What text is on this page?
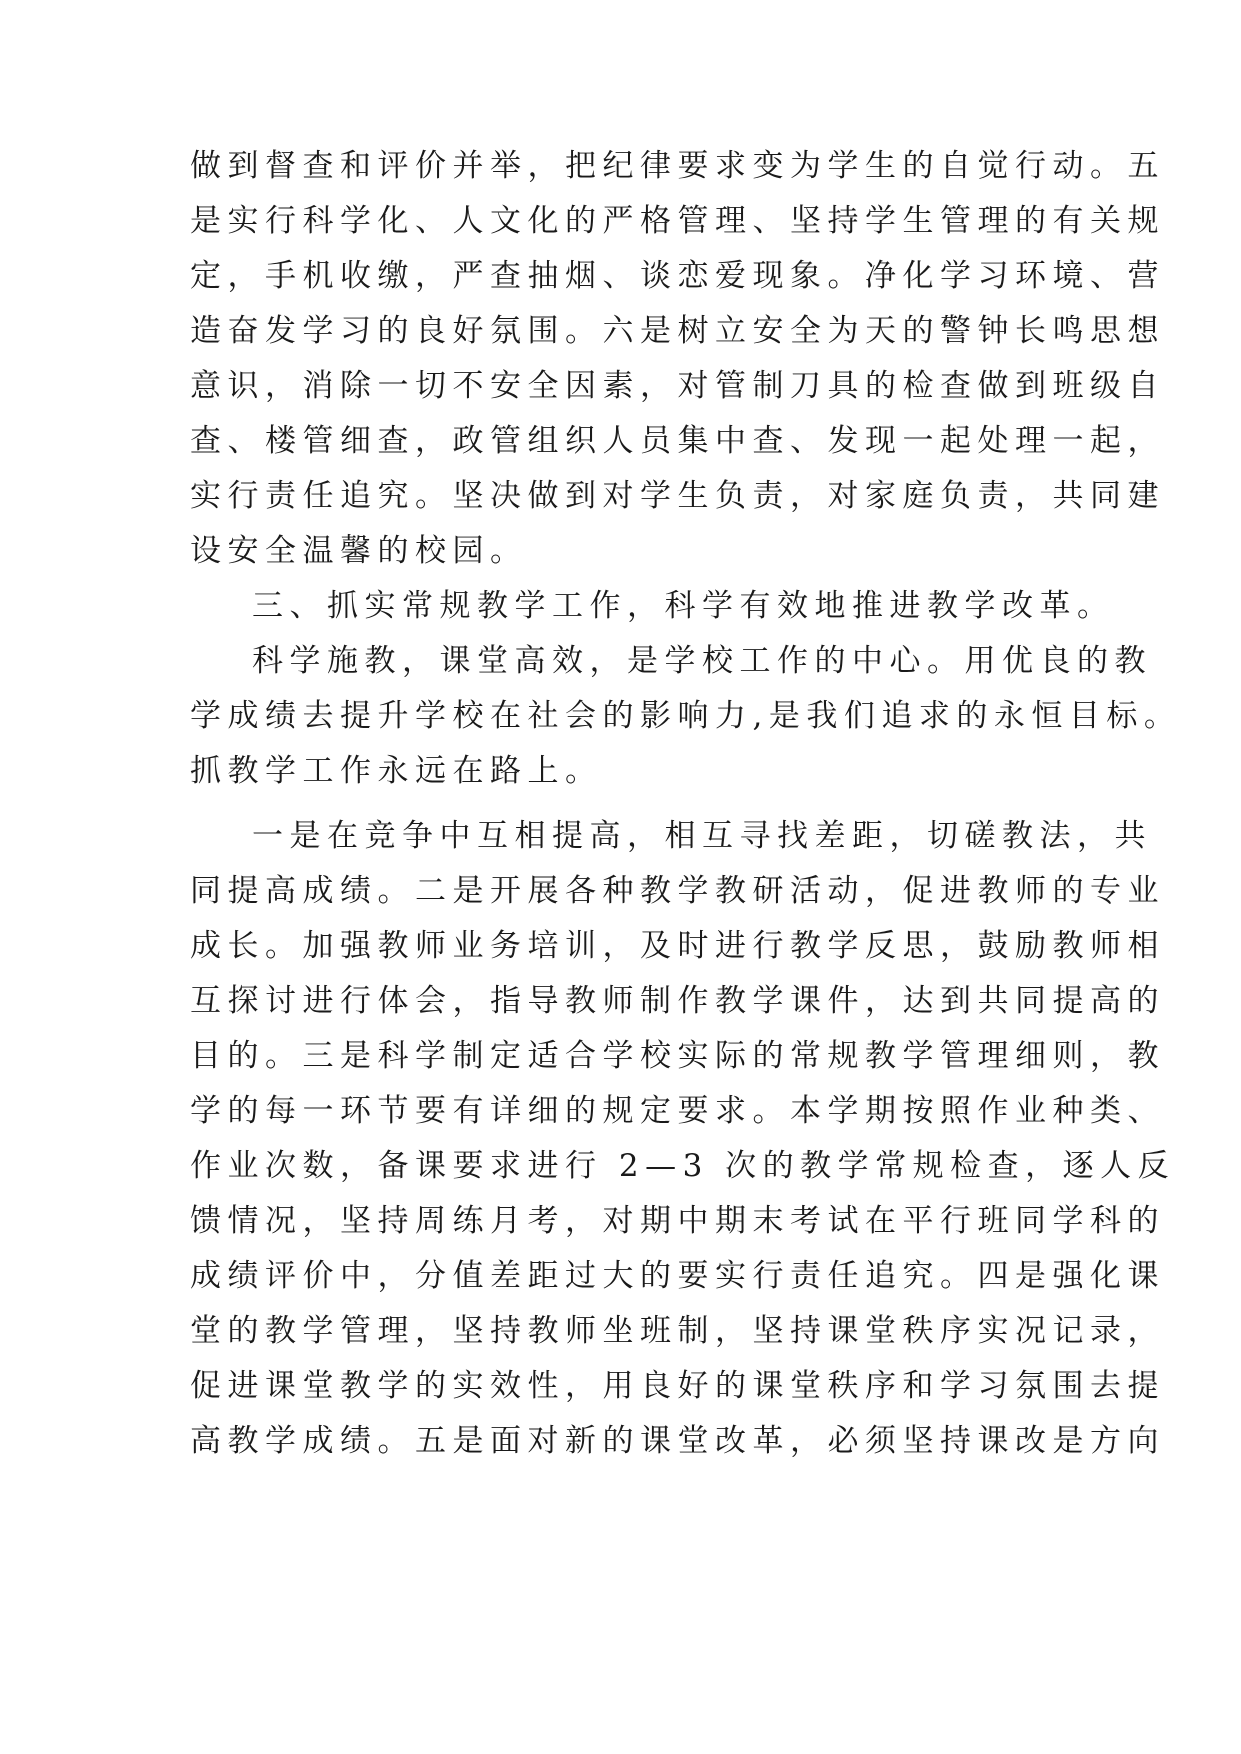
做到督查和评价并举，把纪律要求变为学生的自觉行动。五
是实行科学化、人文化的严格管理、坚持学生管理的有关规
定，手机收缴，严查抽烟、谈恋爱现象。净化学习环境、营
造奋发学习的良好氛围。六是树立安全为天的警钟长鸣思想
意识，消除一切不安全因素，对管制刀具的检查做到班级自
查、楼管细查，政管组织人员集中查、发现一起处理一起，
实行责任追究。坚决做到对学生负责，对家庭负责，共同建
设安全温馨的校园。
三、抓实常规教学工作，科学有效地推进教学改革。
科学施教，课堂高效，是学校工作的中心。用优良的教
学成绩去提升学校在社会的影响力,是我们追求的永恒目标。
抓教学工作永远在路上。
一是在竞争中互相提高，相互寻找差距，切磋教法，共
同提高成绩。二是开展各种教学教研活动，促进教师的专业
成长。加强教师业务培训，及时进行教学反思，鼓励教师相
互探讨进行体会，指导教师制作教学课件，达到共同提高的
目的。三是科学制定适合学校实际的常规教学管理细则，教
学的每一环节要有详细的规定要求。本学期按照作业种类、
作业次数，备课要求进行 2—3 次的教学常规检查，逐人反
馈情况，坚持周练月考，对期中期末考试在平行班同学科的
成绩评价中，分值差距过大的要实行责任追究。四是强化课
堂的教学管理，坚持教师坐班制，坚持课堂秩序实况记录，
促进课堂教学的实效性，用良好的课堂秩序和学习氛围去提
高教学成绩。五是面对新的课堂改革，必须坚持课改是方向
